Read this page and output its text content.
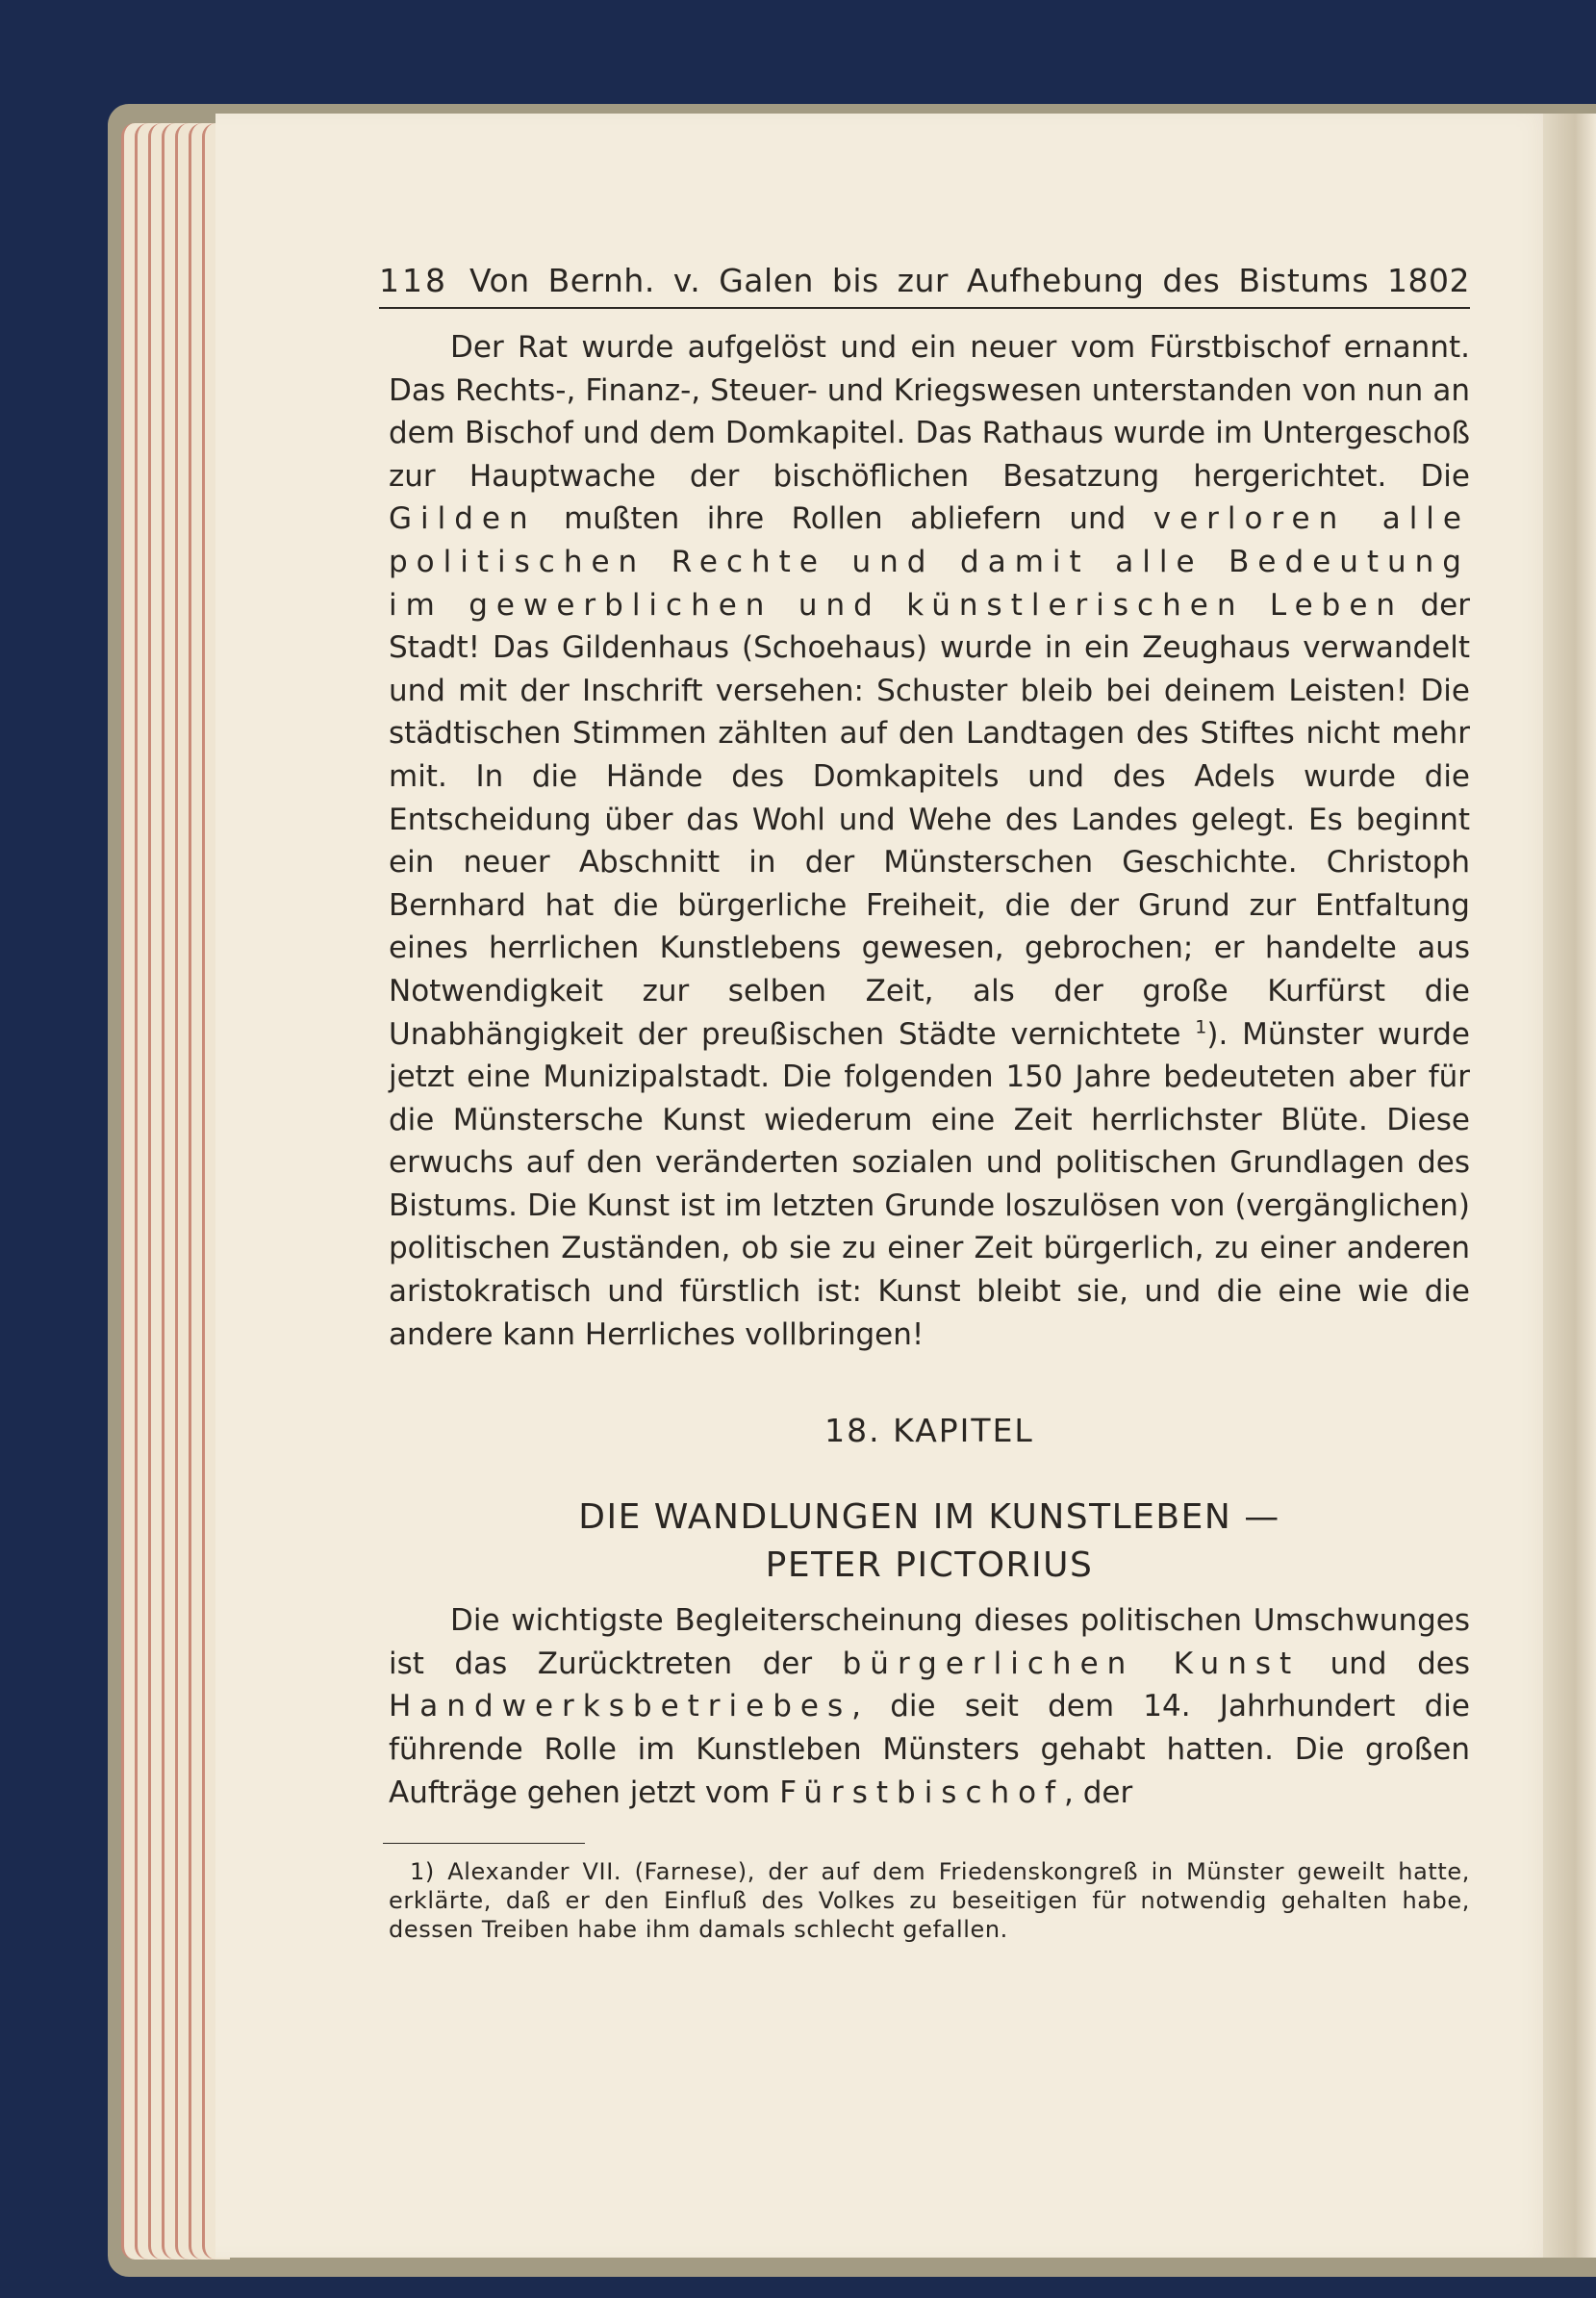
118 Von Bernh. v. Galen bis zur Aufhebung des Bistums 1802

Der Rat wurde aufgelöst und ein neuer vom Fürstbischof ernannt. Das Rechts-, Finanz-, Steuer- und Kriegswesen unterstanden von nun an dem Bischof und dem Domkapitel. Das Rathaus wurde im Untergeschoß zur Hauptwache der bischöflichen Besatzung hergerichtet. Die Gilden mußten ihre Rollen abliefern und verloren alle politischen Rechte und damit alle Bedeutung im gewerblichen und künstlerischen Leben der Stadt! Das Gildenhaus (Schoehaus) wurde in ein Zeughaus verwandelt und mit der Inschrift versehen: Schuster bleib bei deinem Leisten! Die städtischen Stimmen zählten auf den Landtagen des Stiftes nicht mehr mit. In die Hände des Domkapitels und des Adels wurde die Entscheidung über das Wohl und Wehe des Landes gelegt. Es beginnt ein neuer Abschnitt in der Münsterschen Geschichte. Christoph Bernhard hat die bürgerliche Freiheit, die der Grund zur Entfaltung eines herrlichen Kunstlebens gewesen, gebrochen; er handelte aus Notwendigkeit zur selben Zeit, als der große Kurfürst die Unabhängigkeit der preußischen Städte vernichtete $^1$). Münster wurde jetzt eine Munizipalstadt. Die folgenden 150 Jahre bedeuteten aber für die Münstersche Kunst wiederum eine Zeit herrlichster Blüte. Diese erwuchs auf den veränderten sozialen und politischen Grundlagen des Bistums. Die Kunst ist im letzten Grunde loszulösen von (vergänglichen) politischen Zuständen, ob sie zu einer Zeit bürgerlich, zu einer anderen aristokratisch und fürstlich ist: Kunst bleibt sie, und die eine wie die andere kann Herrliches vollbringen!

18. KAPITEL
DIE WANDLUNGEN IM KUNSTLEBEN —
PETER PICTORIUS

Die wichtigste Begleiterscheinung dieses politischen Umschwunges ist das Zurücktreten der bürgerlichen Kunst und des Handwerksbetriebes, die seit dem 14. Jahrhundert die führende Rolle im Kunstleben Münsters gehabt hatten. Die großen Aufträge gehen jetzt vom Fürstbischof, der

1) Alexander VII. (Farnese), der auf dem Friedenskongreß in Münster geweilt hatte, erklärte, daß er den Einfluß des Volkes zu beseitigen für notwendig gehalten habe, dessen Treiben habe ihm damals schlecht gefallen.
